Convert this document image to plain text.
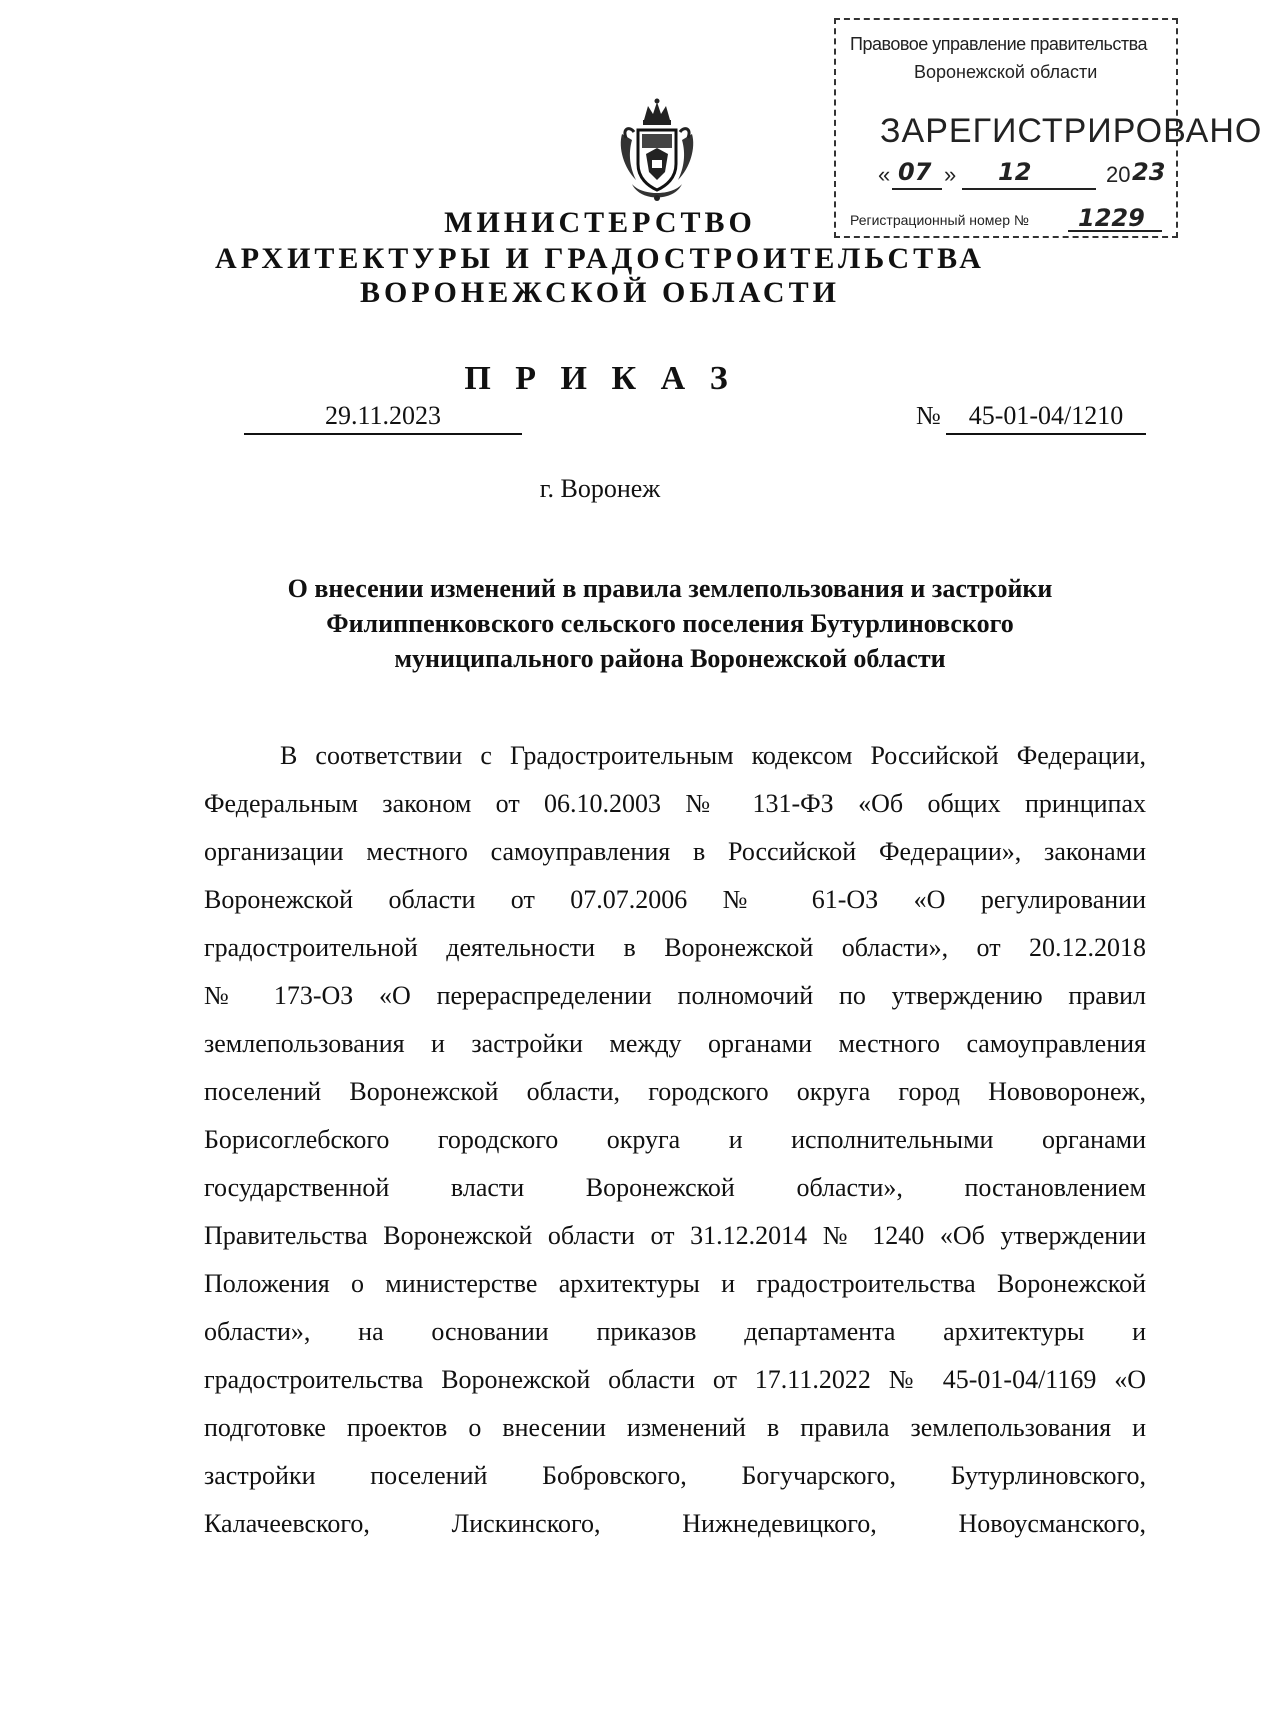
Правовое управление правительства
Воронежской области
ЗАРЕГИСТРИРОВАНО
« 07 » 12	20 23
Регистрационный номер № 1229
МИНИСТЕРСТВО
АРХИТЕКТУРЫ И ГРАДОСТРОИТЕЛЬСТВА
ВОРОНЕЖСКОЙ ОБЛАСТИ
П Р И К А З
29.11.2023	№	45-01-04/1210
г. Воронеж
О внесении изменений в правила землепользования и застройки
Филиппенковского сельского поселения Бутурлиновского
муниципального района Воронежской области
В соответствии с Градостроительным кодексом Российской Федерации,
Федеральным законом от 06.10.2003 № 131-ФЗ «Об общих принципах
организации местного самоуправления в Российской Федерации», законами
Воронежской области от 07.07.2006 № 61-ОЗ «О регулировании
градостроительной деятельности в Воронежской области», от 20.12.2018
№ 173-ОЗ «О перераспределении полномочий по утверждению правил
землепользования и застройки между органами местного самоуправления
поселений Воронежской области, городского округа город Нововоронеж,
Борисоглебского городского округа и исполнительными органами
государственной власти Воронежской области», постановлением
Правительства Воронежской области от 31.12.2014 № 1240 «Об утверждении
Положения о министерстве архитектуры и градостроительства Воронежской
области», на основании приказов департамента архитектуры и
градостроительства Воронежской области от 17.11.2022 № 45-01-04/1169 «О
подготовке проектов о внесении изменений в правила землепользования и
застройки поселений Бобровского, Богучарского, Бутурлиновского,
Калачеевского, Лискинского, Нижнедевицкого, Новоусманского,
